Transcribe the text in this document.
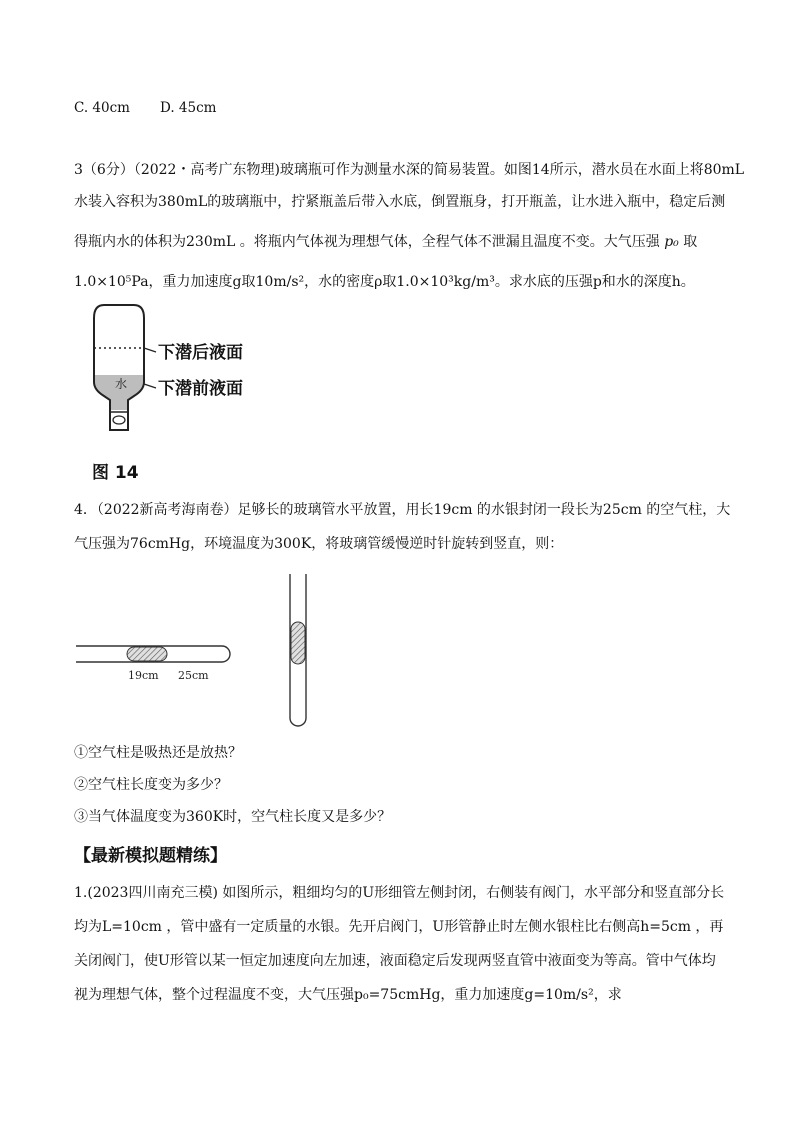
C. 40cm D. 45cm
3（6分）（2022・高考广东物理)玻璃瓶可作为测量水深的简易装置。如图14所示，潜水员在水面上将80mL
水装入容积为380mL的玻璃瓶中，拧紧瓶盖后带入水底，倒置瓶身，打开瓶盖，让水进入瓶中，稳定后测
得瓶内水的体积为230mL 。将瓶内气体视为理想气体，全程气体不泄漏且温度不变。大气压强 p₀ 取
1.0×10⁵Pa，重力加速度g取10m/s²，水的密度ρ取1.0×10³kg/m³。求水底的压强p和水的深度h。
水
下潜后液面
下潜前液面
图 14
4．（2022新高考海南卷）足够长的玻璃管水平放置，用长19cm 的水银封闭一段长为25cm 的空气柱，大
气压强为76cmHg，环境温度为300K，将玻璃管缓慢逆时针旋转到竖直，则：
19cm 25cm
①空气柱是吸热还是放热？
②空气柱长度变为多少？
③当气体温度变为360K时，空气柱长度又是多少？
【最新模拟题精练】
1.(2023四川南充三模) 如图所示，粗细均匀的U形细管左侧封闭，右侧装有阀门，水平部分和竖直部分长
均为L=10cm ，管中盛有一定质量的水银。先开启阀门，U形管静止时左侧水银柱比右侧高h=5cm ，再
关闭阀门，使U形管以某一恒定加速度向左加速，液面稳定后发现两竖直管中液面变为等高。管中气体均
视为理想气体，整个过程温度不变，大气压强p₀=75cmHg，重力加速度g=10m/s²，求
